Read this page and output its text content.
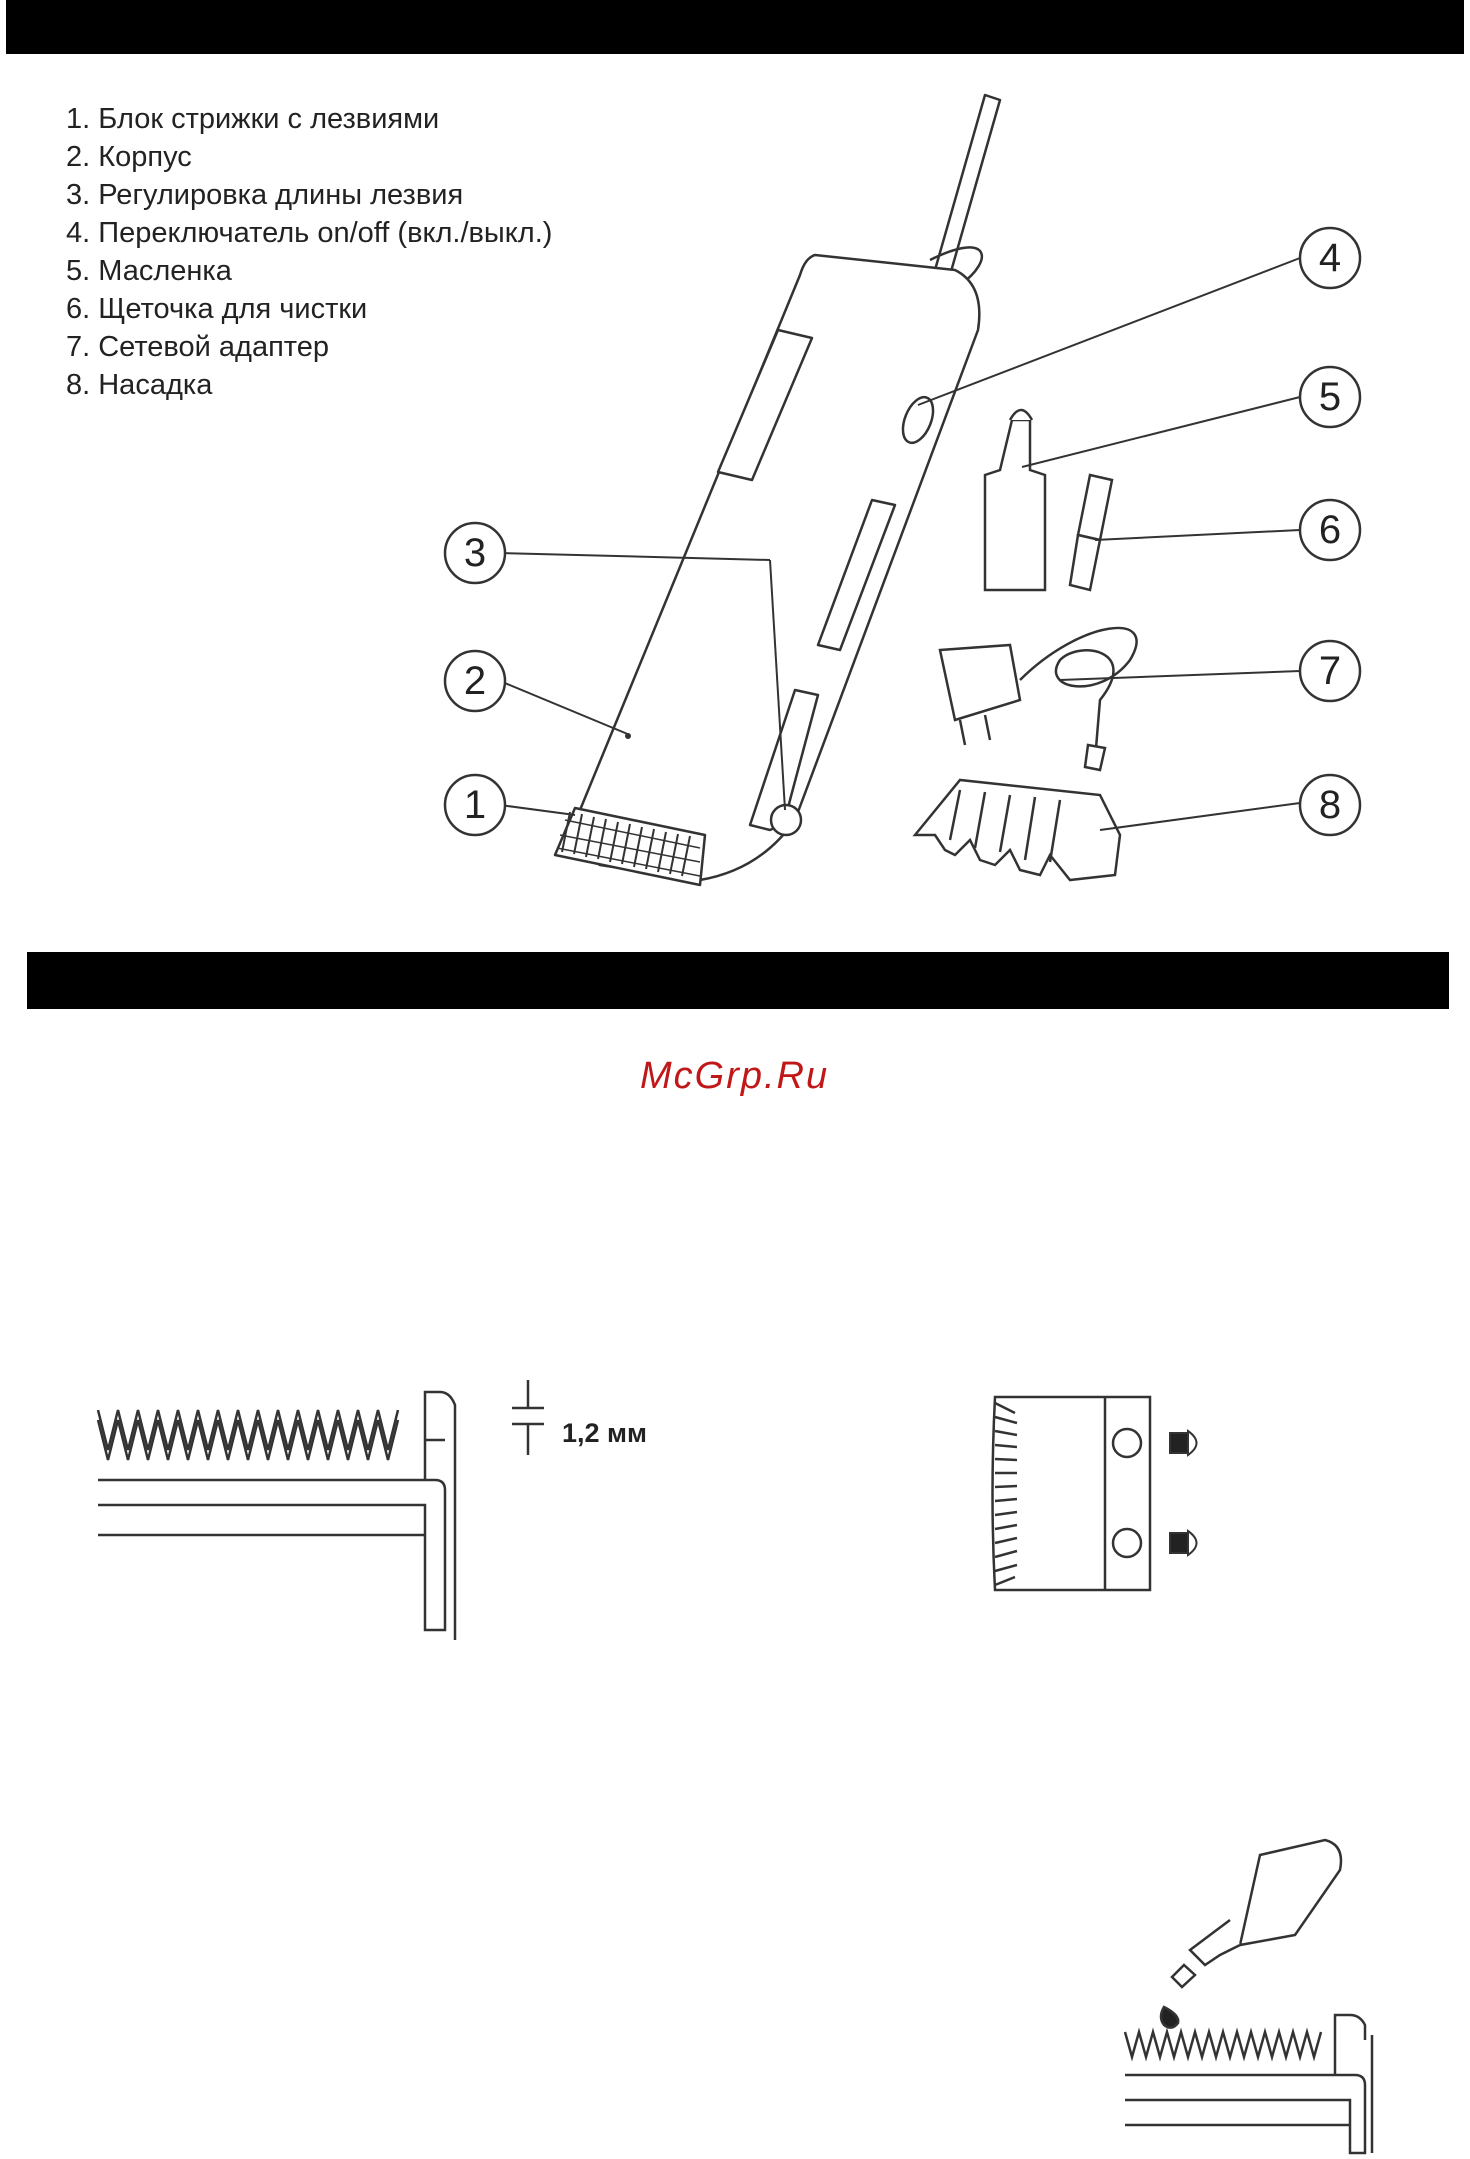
1. Блок стрижки с лезвиями
2. Корпус
3. Регулировка длины лезвия
4. Переключатель on/off (вкл./выкл.)
5. Масленка
6. Щеточка для чистки
7. Сетевой адаптер
8. Насадка
4
5
6
7
8
3
2
1
McGrp.Ru
1,2 мм
